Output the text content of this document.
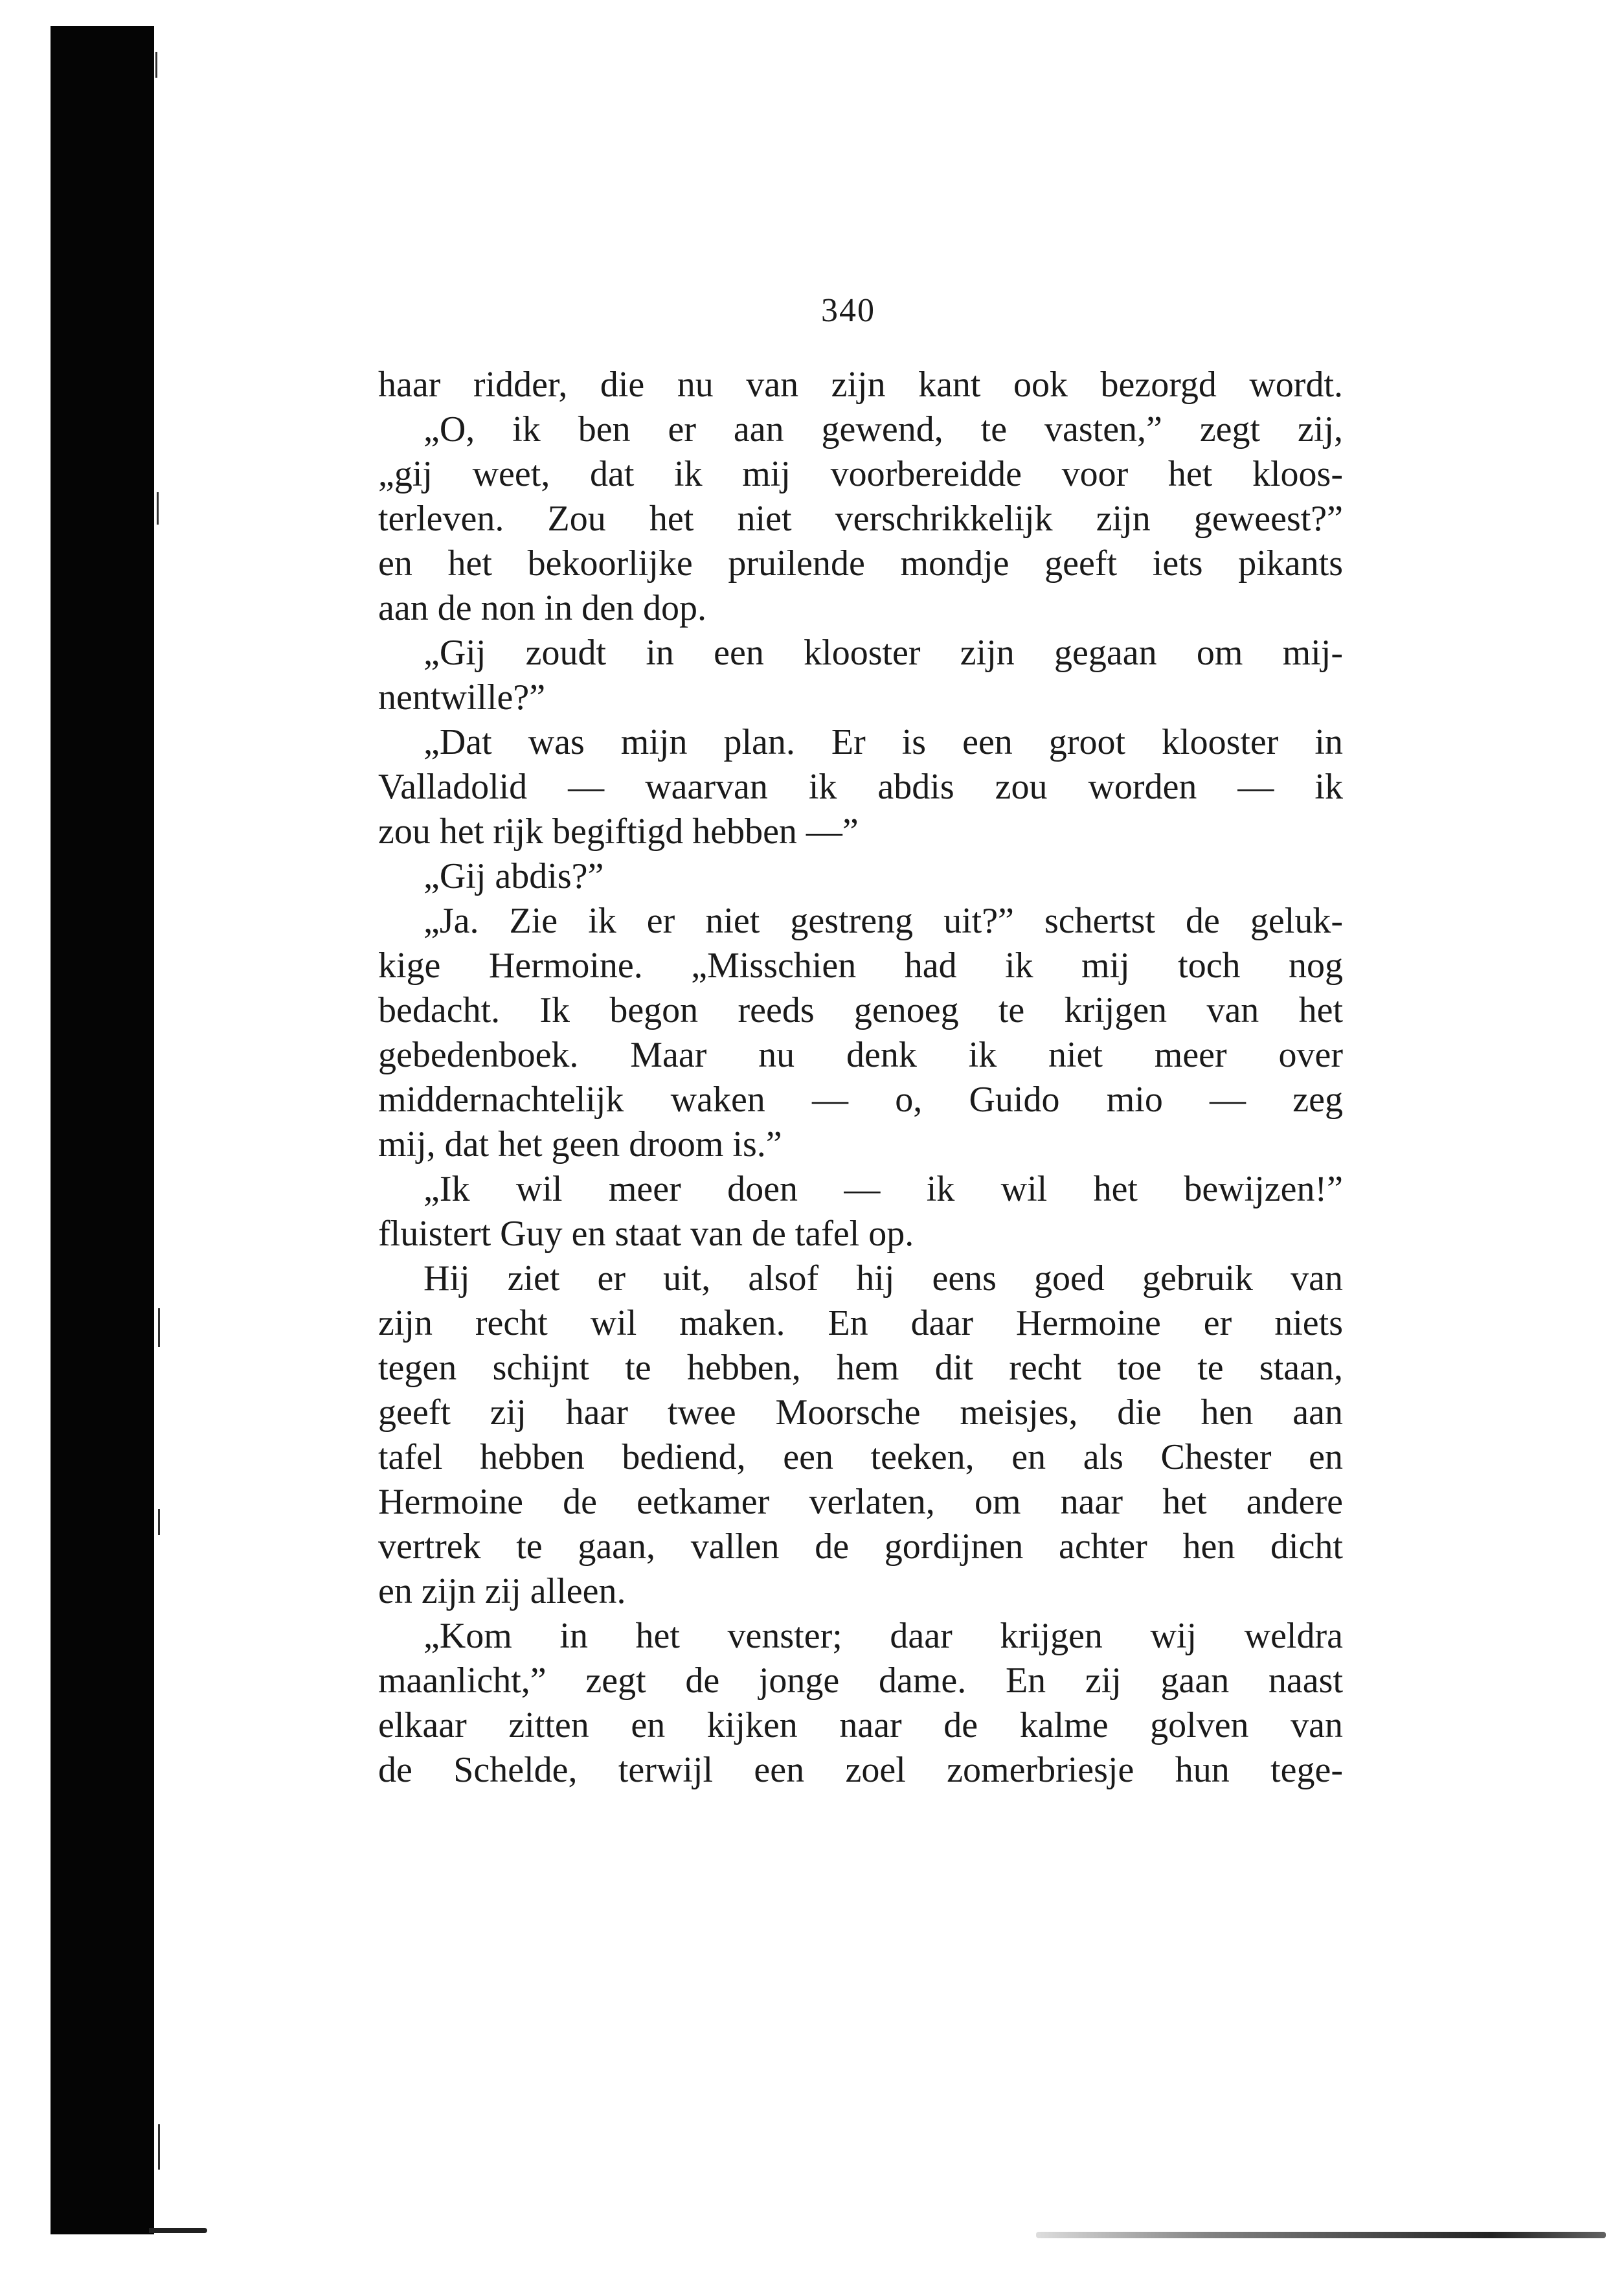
340
haar ridder, die nu van zijn kant ook bezorgd wordt.
„O, ik ben er aan gewend, te vasten,” zegt zij,
„gij weet, dat ik mij voorbereidde voor het kloos-
terleven. Zou het niet verschrikkelijk zijn geweest?”
en het bekoorlijke pruilende mondje geeft iets pikants
aan de non in den dop.
„Gij zoudt in een klooster zijn gegaan om mij-
nentwille?”
„Dat was mijn plan. Er is een groot klooster in
Valladolid — waarvan ik abdis zou worden — ik
zou het rijk begiftigd hebben —”
„Gij abdis?”
„Ja. Zie ik er niet gestreng uit?” schertst de geluk-
kige Hermoine. „Misschien had ik mij toch nog
bedacht. Ik begon reeds genoeg te krijgen van het
gebedenboek. Maar nu denk ik niet meer over
middernachtelijk waken — o, Guido mio — zeg
mij, dat het geen droom is.”
„Ik wil meer doen — ik wil het bewijzen!”
fluistert Guy en staat van de tafel op.
Hij ziet er uit, alsof hij eens goed gebruik van
zijn recht wil maken. En daar Hermoine er niets
tegen schijnt te hebben, hem dit recht toe te staan,
geeft zij haar twee Moorsche meisjes, die hen aan
tafel hebben bediend, een teeken, en als Chester en
Hermoine de eetkamer verlaten, om naar het andere
vertrek te gaan, vallen de gordijnen achter hen dicht
en zijn zij alleen.
„Kom in het venster; daar krijgen wij weldra
maanlicht,” zegt de jonge dame. En zij gaan naast
elkaar zitten en kijken naar de kalme golven van
de Schelde, terwijl een zoel zomerbriesje hun tege-
